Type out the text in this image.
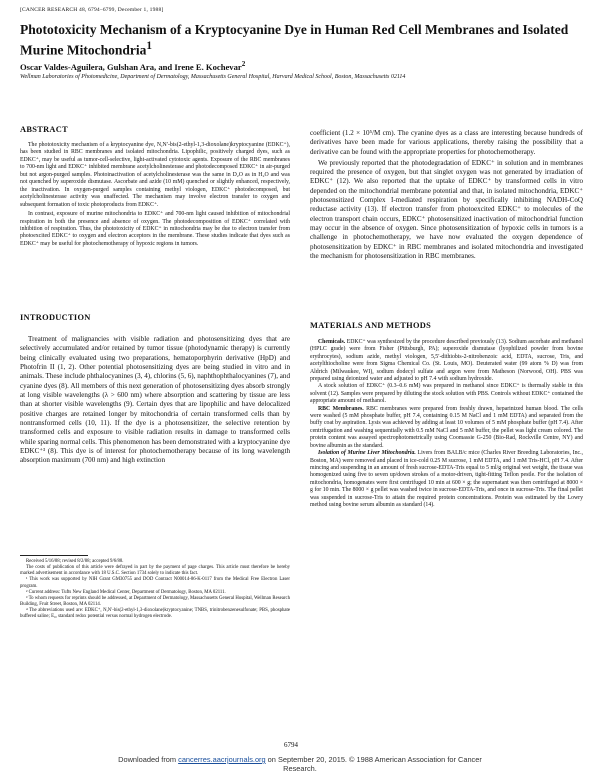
[CANCER RESEARCH 48, 6794–6799, December 1, 1988]
Phototoxicity Mechanism of a Kryptocyanine Dye in Human Red Cell Membranes and Isolated Murine Mitochondria$^1$

Oscar Valdes-Aguilera, Gulshan Ara, and Irene E. Kochevar$^2$

Wellman Laboratories of Photomedicine, Department of Dermatology, Massachusetts General Hospital, Harvard Medical School, Boston, Massachusetts 02114

ABSTRACT

The phototoxicity mechanism of a kryptocyanine dye, N,N′-bis(2-ethyl-1,3-dioxolane)kryptocyanine (EDKC⁺), has been studied in RBC membranes and isolated mitochondria. Lipophilic, positively charged dyes, such as EDKC⁺, may be useful as tumor-cell-selective, light-activated cytotoxic agents. Exposure of the RBC membranes to 700-nm light and EDKC⁺ inhibited membrane acetylcholinesterase and photodecomposed EDKC⁺ in air-purged but not argon-purged samples. Photoinactivation of acetylcholinesterase was the same in D₂O as in H₂O and was not quenched by superoxide dismutase. Ascorbate and azide (10 mM) quenched or slightly enhanced, respectively, the inactivation. In oxygen-purged samples containing methyl viologen, EDKC⁺ photodecomposed, but acetylcholinesterase activity was unaffected. The mechanism may involve electron transfer to oxygen and subsequent formation of toxic photoproducts from EDKC⁺.

In contrast, exposure of murine mitochondria to EDKC⁺ and 700-nm light caused inhibition of mitochondrial respiration in both the presence and absence of oxygen. The photodecomposition of EDKC⁺ correlated with inhibition of respiration. Thus, the phototoxicity of EDKC⁺ in mitochondria may be due to electron transfer from photoexcited EDKC⁺ to oxygen and electron acceptors in the membrane. These studies indicate that dyes such as EDKC⁺ may be useful for photochemotherapy of hypoxic regions in tumors.

INTRODUCTION

Treatment of malignancies with visible radiation and photosensitizing dyes that are selectively accumulated and/or retained by tumor tissue (photodynamic therapy) is currently being clinically evaluated using two preparations, hematoporphyrin derivative (HpD) and Photofrin II (1, 2). Other potential photosensitizing dyes are being studied in vitro and in animals. These include phthalocyanines (3, 4), chlorins (5, 6), naphthophthalocyanines (7), and cyanine dyes (8). All members of this next generation of photosensitizing dyes absorb strongly at long visible wavelengths (λ > 600 nm) where absorption and scattering by tissue are less than at shorter visible wavelengths (9). Certain dyes that are lipophilic and have delocalized positive charges are retained longer by mitochondria of certain transformed cells than by nontransformed cells (10, 11). If the dye is a photosensitizer, the selective retention by transformed cells and exposure to visible radiation results in damage to transformed cells while sparing normal cells. This phenomenon has been demonstrated with a kryptocyanine dye EDKC⁺³ (8). This dye is of interest for photochemotherapy because of its long wavelength absorption maximum (700 nm) and high extinction

Received 5/16/88; revised 8/2/88; accepted 9/6/88.

The costs of publication of this article were defrayed in part by the payment of page charges. This article must therefore be hereby marked advertisement in accordance with 18 U.S.C. Section 1734 solely to indicate this fact.

¹ This work was supported by NIH Grant GM30755 and DOD Contract N00014-86-K-0117 from the Medical Free Electron Laser program.

² Current address: Tufts New England Medical Center, Department of Dermatology, Boston, MA 02111.

³ To whom requests for reprints should be addressed, at Department of Dermatology, Massachusetts General Hospital, Wellman Research Building, Fruit Street, Boston, MA 02114.

⁴ The abbreviations used are: EDKC⁺, N,N′-bis(2-ethyl-1,3-dioxolane)kryptocyanine; TNBS, trinitrobenzenesulfonate; PBS, phosphate buffered saline; E₀, standard redox potential versus normal hydrogen electrode.

coefficient (1.2 × 10⁵/M cm). The cyanine dyes as a class are interesting because hundreds of derivatives have been made for various applications, thereby raising the possibility that a derivative can be found with the appropriate properties for photochemotherapy.

We previously reported that the photodegradation of EDKC⁺ in solution and in membranes required the presence of oxygen, but that singlet oxygen was not generated by irradiation of EDKC⁺ (12). We also reported that the uptake of EDKC⁺ by transformed cells in vitro depended on the mitochondrial membrane potential and that, in isolated mitochondria, EDKC⁺ photosensitized Complex I-mediated respiration by specifically inhibiting NADH-CoQ reductase activity (13). If electron transfer from photoexcited EDKC⁺ to molecules of the electron transport chain occurs, EDKC⁺ photosensitized inactivation of mitochondrial function may occur in the absence of oxygen. Since photosensitization of hypoxic cells in tumors is a challenge in photochemotherapy, we have now evaluated the oxygen dependence of photosensitization by EDKC⁺ in RBC membranes and isolated mitochondria and investigated the mechanism for photosensitization in RBC membranes.

MATERIALS AND METHODS

Chemicals. EDKC⁺ was synthesized by the procedure described previously (13). Sodium ascorbate and methanol (HPLC grade) were from Fisher (Pittsburgh, PA); superoxide dismutase (lyophilized powder from bovine erythrocytes), sodium azide, methyl viologen, 5,5′-dithiobis-2-nitrobenzoic acid, EDTA, sucrose, Tris, and acetylthiocholine were from Sigma Chemical Co. (St. Louis, MO). Deuterated water (99 atom % D) was from Aldrich (Milwaukee, WI), sodium dodecyl sulfate and argon were from Matheson (Norwood, OH). PBS was prepared using deionized water and adjusted to pH 7.4 with sodium hydroxide.

A stock solution of EDKC⁺ (0.3–0.6 mM) was prepared in methanol since EDKC⁺ is thermally stable in this solvent (12). Samples were prepared by diluting the stock solution with PBS. Controls without EDKC⁺ contained the appropriate amount of methanol.

RBC Membranes. RBC membranes were prepared from freshly drawn, heparinized human blood. The cells were washed (5 mM phosphate buffer, pH 7.4, containing 0.15 M NaCl and 1 mM EDTA) and separated from the buffy coat by aspiration. Lysis was achieved by adding at least 10 volumes of 5 mM phosphate buffer (pH 7.4). After centrifugation and washing sequentially with 0.5 mM NaCl and 5 mM buffer, the pellet was light cream colored. The protein content was assayed spectrophotometrically using Coomassie G-250 (Bio-Rad, Rockville Centre, NY) and bovine albumin as the standard.

Isolation of Murine Liver Mitochondria. Livers from BALB/c mice (Charles River Breeding Laboratories, Inc., Boston, MA) were removed and placed in ice-cold 0.25 M sucrose, 1 mM EDTA, and 1 mM Tris-HCl, pH 7.4. After mincing and suspending in an amount of fresh sucrose-EDTA-Tris equal to 5 ml/g original wet weight, the tissue was homogenized using five to seven up/down strokes of a motor-driven, tight-fitting Teflon pestle. For the isolation of mitochondria, homogenates were first centrifuged 10 min at 600 × g; the supernatant was then centrifuged at 8000 × g for 10 min. The 8000 × g pellet was washed twice in sucrose-EDTA-Tris, and once in sucrose-Tris. The final pellet was suspended in sucrose-Tris to attain the required protein concentrations. Protein was estimated by the Lowry method using bovine serum albumin as standard (14).

6794
Downloaded from cancerres.aacrjournals.org on September 20, 2015. © 1988 American Association for Cancer
Research.
